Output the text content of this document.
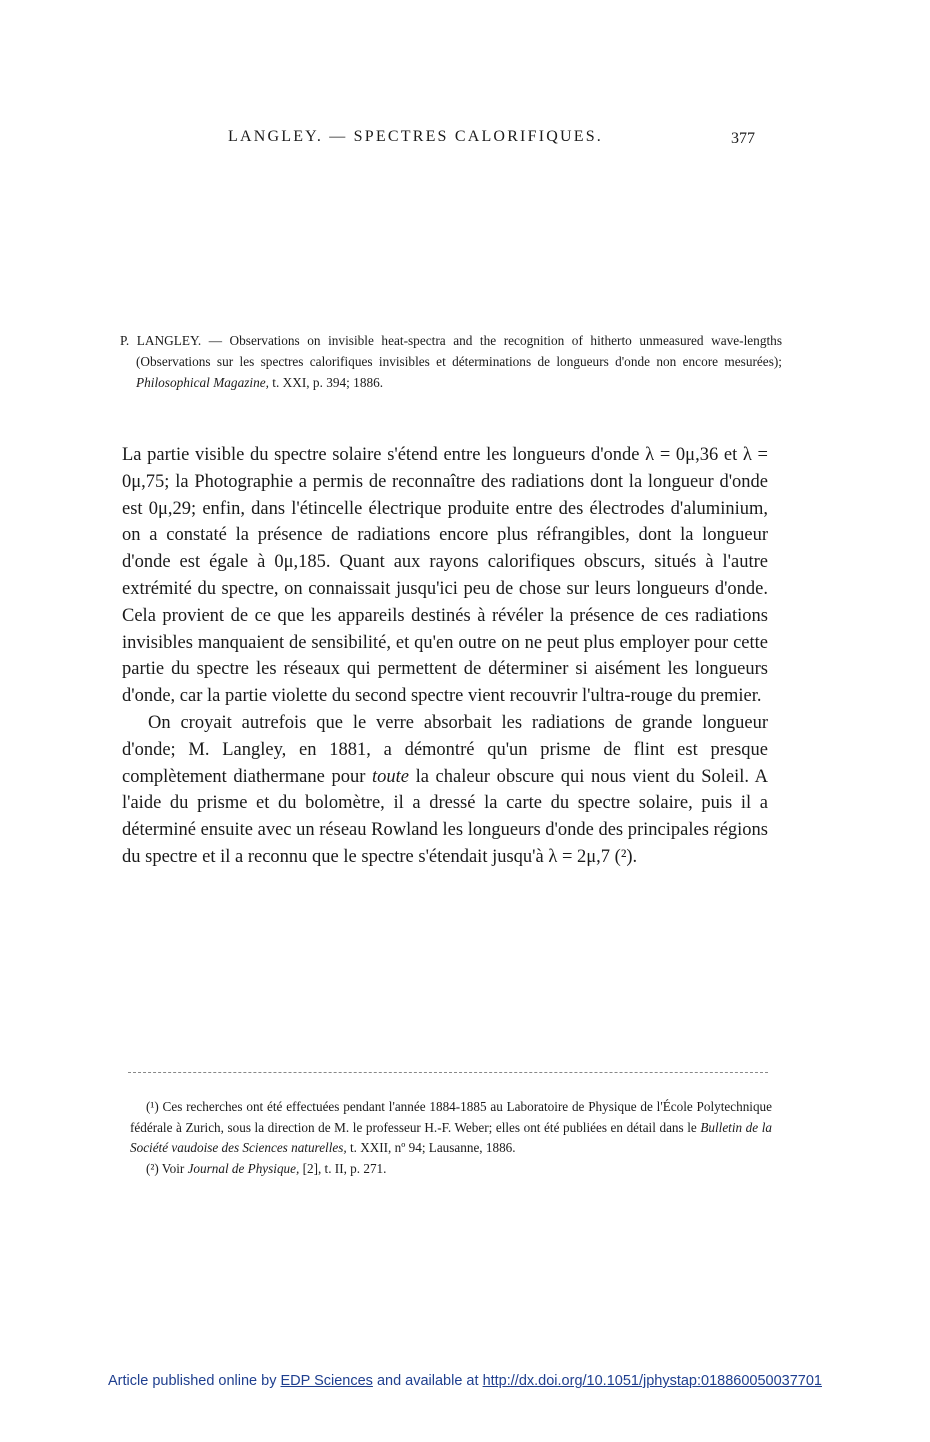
LANGLEY. — SPECTRES CALORIFIQUES.	377
P. LANGLEY. — Observations on invisible heat-spectra and the recognition of hitherto unmeasured wave-lengths (Observations sur les spectres calorifiques invisibles et déterminations de longueurs d'onde non encore mesurées); Philosophical Magazine, t. XXI, p. 394; 1886.

La partie visible du spectre solaire s'étend entre les longueurs d'onde λ = 0μ,36 et λ = 0μ,75; la Photographie a permis de reconnaître des radiations dont la longueur d'onde est 0μ,29; enfin, dans l'étincelle électrique produite entre des électrodes d'aluminium, on a constaté la présence de radiations encore plus réfrangibles, dont la longueur d'onde est égale à 0μ,185. Quant aux rayons calorifiques obscurs, situés à l'autre extrémité du spectre, on connaissait jusqu'ici peu de chose sur leurs longueurs d'onde. Cela provient de ce que les appareils destinés à révéler la présence de ces radiations invisibles manquaient de sensibilité, et qu'en outre on ne peut plus employer pour cette partie du spectre les réseaux qui permettent de déterminer si aisément les longueurs d'onde, car la partie violette du second spectre vient recouvrir l'ultra-rouge du premier.

On croyait autrefois que le verre absorbait les radiations de grande longueur d'onde; M. Langley, en 1881, a démontré qu'un prisme de flint est presque complètement diathermane pour toute la chaleur obscure qui nous vient du Soleil. A l'aide du prisme et du bolomètre, il a dressé la carte du spectre solaire, puis il a déterminé ensuite avec un réseau Rowland les longueurs d'onde des principales régions du spectre et il a reconnu que le spectre s'étendait jusqu'à λ = 2μ,7 (²).

(¹) Ces recherches ont été effectuées pendant l'année 1884-1885 au Laboratoire de Physique de l'École Polytechnique fédérale à Zurich, sous la direction de M. le professeur H.-F. Weber; elles ont été publiées en détail dans le Bulletin de la Société vaudoise des Sciences naturelles, t. XXII, nº 94; Lausanne, 1886.

(²) Voir Journal de Physique, [2], t. II, p. 271.

Article published online by EDP Sciences and available at http://dx.doi.org/10.1051/jphystap:018860050037701
